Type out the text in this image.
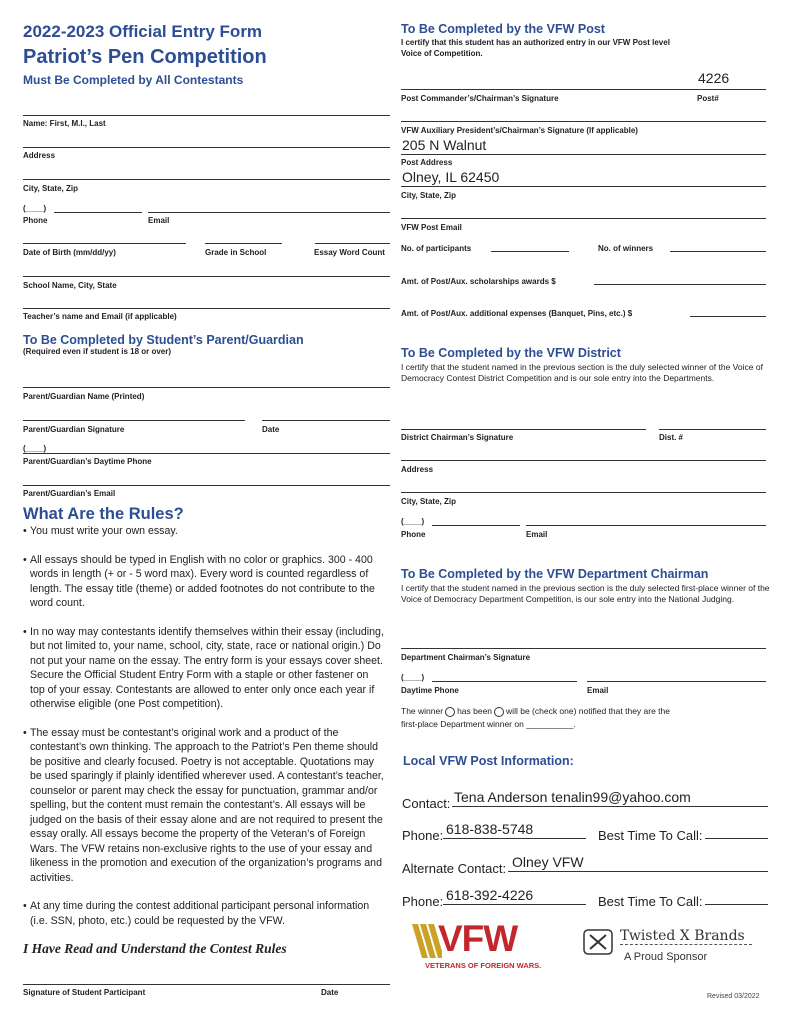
2022-2023 Official Entry Form
Patriot’s Pen Competition
Must Be Completed by All Contestants
Name: First, M.I., Last
Address
City, State, Zip
(____)
Phone	Email
Date of Birth (mm/dd/yy)	Grade in School	Essay Word Count
School Name, City, State
Teacher’s name and Email (if applicable)
To Be Completed by Student’s Parent/Guardian
(Required even if student is 18 or over)
Parent/Guardian Name (Printed)
Parent/Guardian Signature	Date
(____)
Parent/Guardian’s Daytime Phone
Parent/Guardian’s Email
What Are the Rules?
• You must write your own essay.
• All essays should be typed in English with no color or graphics. 300 - 400 words in length (+ or - 5 word max). Every word is counted regardless of length. The essay title (theme) or added footnotes do not contribute to the word count.
• In no way may contestants identify themselves within their essay (including, but not limited to, your name, school, city, state, race or national origin.) Do not put your name on the essay. The entry form is your essays cover sheet. Secure the Official Student Entry Form with a staple or other fastener on top of your essay. Contestants are allowed to enter only once each year if otherwise eligible (one Post competition).
• The essay must be contestant’s original work and a product of the contestant’s own thinking. The approach to the Patriot’s Pen theme should be positive and clearly focused. Poetry is not acceptable. Quotations may be used sparingly if plainly identified wherever used. A contestant’s teacher, counselor or parent may check the essay for punctuation, grammar and/or spelling, but the content must remain the contestant’s. All essays will be judged on the basis of their essay alone and are not required to present the essay orally. All essays become the property of the Veteran’s of Foreign Wars. The VFW retains non-exclusive rights to the use of your essay and likeness in the promotion and execution of the organization’s programs and activities.
• At any time during the contest additional participant personal information (i.e. SSN, photo, etc.) could be requested by the VFW.
I Have Read and Understand the Contest Rules
Signature of Student Participant	Date
To Be Completed by the VFW Post
I certify that this student has an authorized entry in our VFW Post level
Voice of Competition.
4226
Post Commander’s/Chairman’s Signature	Post#
VFW Auxiliary President’s/Chairman’s Signature (If applicable)
205 N Walnut
Post Address
Olney, IL 62450
City, State, Zip
VFW Post Email
No. of participants	No. of winners
Amt. of Post/Aux. scholarships awards $
Amt. of Post/Aux. additional expenses (Banquet, Pins, etc.) $
To Be Completed by the VFW District
I certify that the student named in the previous section is the duly selected winner of the Voice of Democracy Contest District Competition and is our sole entry into the Departments.
District Chairman’s Signature	Dist. #
Address
City, State, Zip
(____)
Phone	Email
To Be Completed by the VFW Department Chairman
I certify that the student named in the previous section is the duly selected first-place winner of the Voice of Democracy Department Competition, is our sole entry into the National Judging.
Department Chairman’s Signature
(____)
Daytime Phone	Email
The winner has been will be (check one) notified that they are the
first-place Department winner on __________.
Local VFW Post Information:
Contact: Tena Anderson tenalin99@yahoo.com
Phone: 618-838-5748	Best Time To Call:
Alternate Contact: Olney VFW
Phone: 618-392-4226	Best Time To Call:
VFW
VETERANS OF FOREIGN WARS.
Twisted X Brands
A Proud Sponsor
Revised 03/2022
